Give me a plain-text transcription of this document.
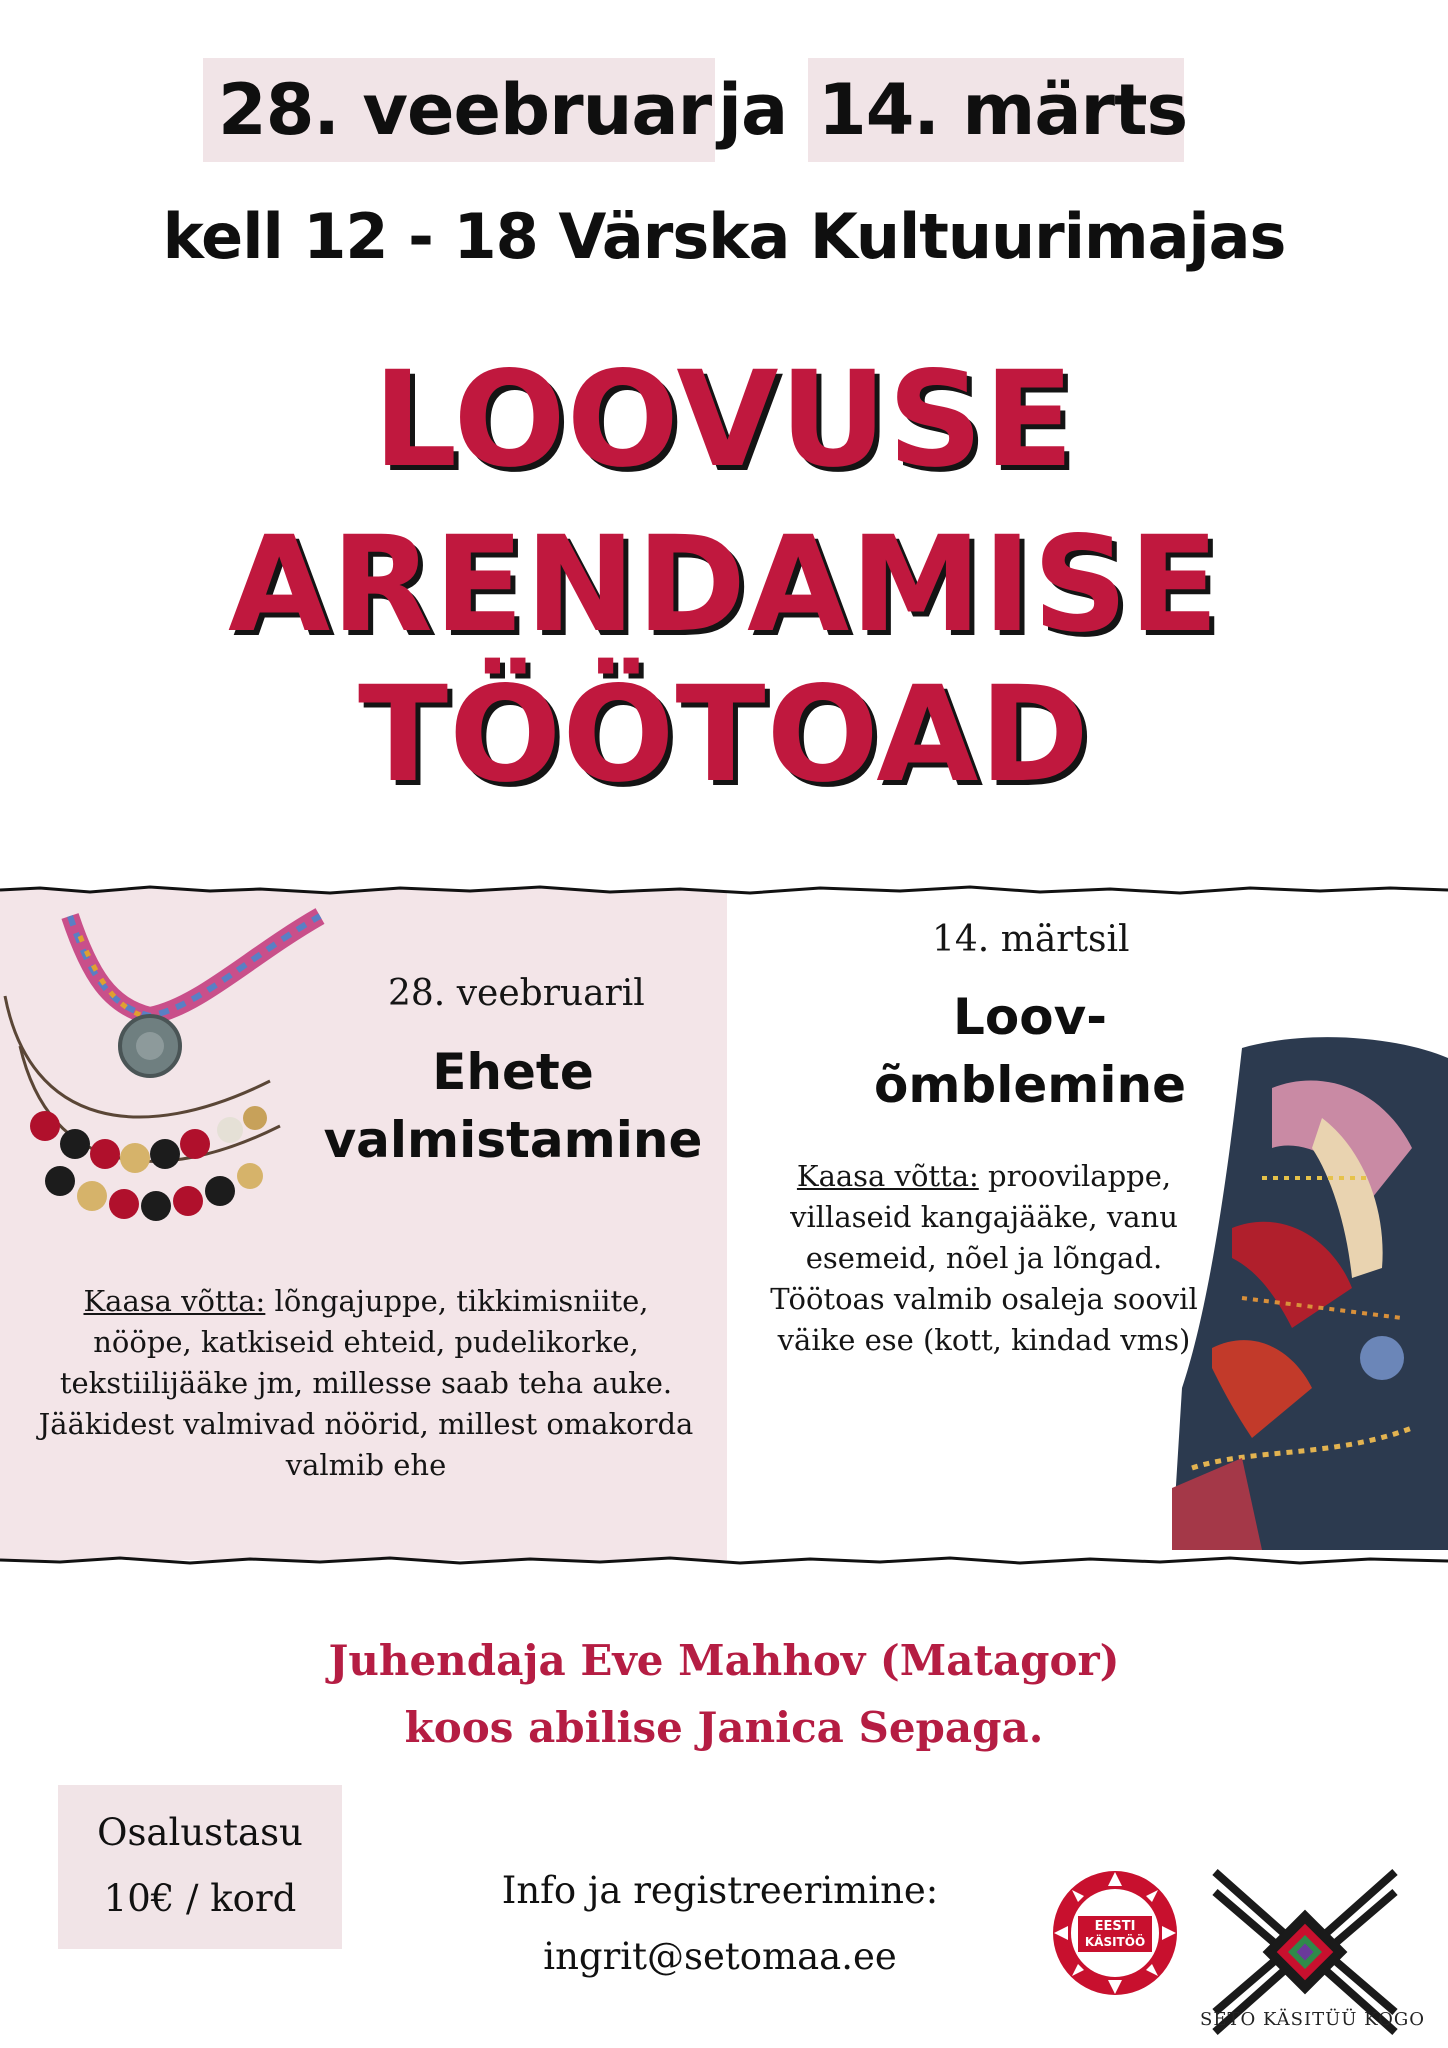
28. veebruar ja 14. märts
kell 12 - 18 Värska Kultuurimajas
LOOVUSE
ARENDAMISE
TÖÖTOAD
28. veebruaril
Ehete
valmistamine
Kaasa võtta: lõngajuppe, tikkimisniite, nööpe, katkiseid ehteid, pudelikorke, tekstiilijääke jm, millesse saab teha auke. Jääkidest valmivad nöörid, millest omakorda valmib ehe
14. märtsil
Loov-
õmblemine
Kaasa võtta: proovilappe, villaseid kangajääke, vanu esemeid, nõel ja lõngad. Töötoas valmib osaleja soovil väike ese (kott, kindad vms)
Juhendaja Eve Mahhov (Matagor)
koos abilise Janica Sepaga.
Osalustasu
10€ / kord	Info ja registreerimine:
ingrit@setomaa.ee
EESTI
KÄSITÖÖ
SETO KÄSITÜÜ KOGO
